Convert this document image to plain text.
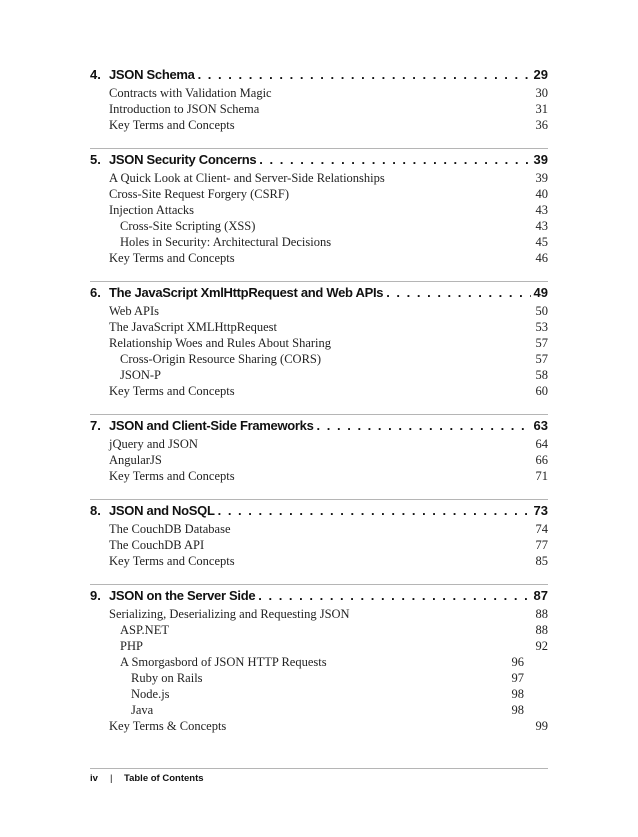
4. JSON Schema . . .	29
Contracts with Validation Magic	30
Introduction to JSON Schema	31
Key Terms and Concepts	36
5. JSON Security Concerns . . .	39
A Quick Look at Client- and Server-Side Relationships	39
Cross-Site Request Forgery (CSRF)	40
Injection Attacks	43
Cross-Site Scripting (XSS)	43
Holes in Security: Architectural Decisions	45
Key Terms and Concepts	46
6. The JavaScript XmlHttpRequest and Web APIs . . .	49
Web APIs	50
The JavaScript XMLHttpRequest	53
Relationship Woes and Rules About Sharing	57
Cross-Origin Resource Sharing (CORS)	57
JSON-P	58
Key Terms and Concepts	60
7. JSON and Client-Side Frameworks . . .	63
jQuery and JSON	64
AngularJS	66
Key Terms and Concepts	71
8. JSON and NoSQL . . .	73
The CouchDB Database	74
The CouchDB API	77
Key Terms and Concepts	85
9. JSON on the Server Side . . .	87
Serializing, Deserializing and Requesting JSON	88
ASP.NET	88
PHP	92
A Smorgasbord of JSON HTTP Requests	96
Ruby on Rails	97
Node.js	98
Java	98
Key Terms & Concepts	99
iv	|	Table of Contents
